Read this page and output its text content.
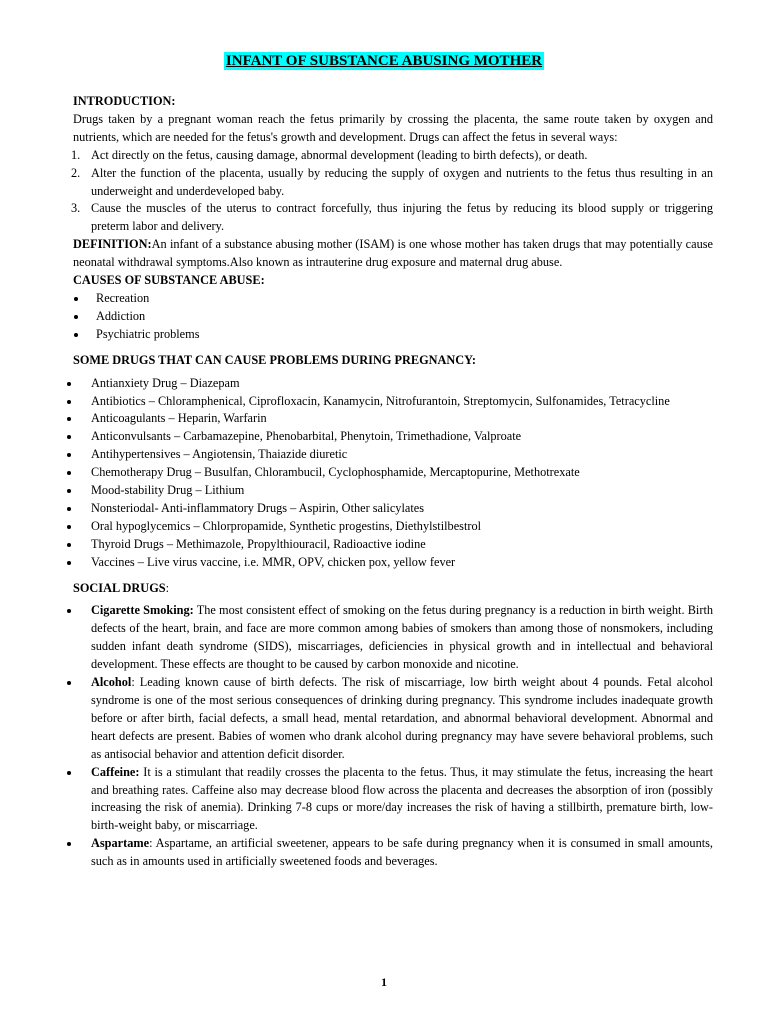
INFANT OF SUBSTANCE ABUSING MOTHER

INTRODUCTION:

Drugs taken by a pregnant woman reach the fetus primarily by crossing the placenta, the same route taken by oxygen and nutrients, which are needed for the fetus's growth and development. Drugs can affect the fetus in several ways:

1. Act directly on the fetus, causing damage, abnormal development (leading to birth defects), or death.
2. Alter the function of the placenta, usually by reducing the supply of oxygen and nutrients to the fetus thus resulting in an underweight and underdeveloped baby.
3. Cause the muscles of the uterus to contract forcefully, thus injuring the fetus by reducing its blood supply or triggering preterm labor and delivery.

DEFINITION:An infant of a substance abusing mother (ISAM) is one whose mother has taken drugs that may potentially cause neonatal withdrawal symptoms.Also known as intrauterine drug exposure and maternal drug abuse.

CAUSES OF SUBSTANCE ABUSE:

Recreation
Addiction
Psychiatric problems

SOME DRUGS THAT CAN CAUSE PROBLEMS DURING PREGNANCY:

Antianxiety Drug – Diazepam
Antibiotics – Chloramphenical, Ciprofloxacin, Kanamycin, Nitrofurantoin, Streptomycin, Sulfonamides, Tetracycline
Anticoagulants – Heparin, Warfarin
Anticonvulsants – Carbamazepine, Phenobarbital, Phenytoin, Trimethadione, Valproate
Antihypertensives – Angiotensin, Thaiazide diuretic
Chemotherapy Drug – Busulfan, Chlorambucil, Cyclophosphamide, Mercaptopurine, Methotrexate
Mood-stability Drug – Lithium
Nonsteriodal- Anti-inflammatory Drugs – Aspirin, Other salicylates
Oral hypoglycemics – Chlorpropamide, Synthetic progestins, Diethylstilbestrol
Thyroid Drugs – Methimazole, Propylthiouracil, Radioactive iodine
Vaccines – Live virus vaccine, i.e. MMR, OPV, chicken pox, yellow fever

SOCIAL DRUGS:

Cigarette Smoking: The most consistent effect of smoking on the fetus during pregnancy is a reduction in birth weight. Birth defects of the heart, brain, and face are more common among babies of smokers than among those of nonsmokers, including sudden infant death syndrome (SIDS), miscarriages, deficiencies in physical growth and in intellectual and behavioral development. These effects are thought to be caused by carbon monoxide and nicotine.
Alcohol: Leading known cause of birth defects. The risk of miscarriage, low birth weight about 4 pounds. Fetal alcohol syndrome is one of the most serious consequences of drinking during pregnancy. This syndrome includes inadequate growth before or after birth, facial defects, a small head, mental retardation, and abnormal behavioral development. Abnormal and heart defects are present. Babies of women who drank alcohol during pregnancy may have severe behavioral problems, such as antisocial behavior and attention deficit disorder.
Caffeine: It is a stimulant that readily crosses the placenta to the fetus. Thus, it may stimulate the fetus, increasing the heart and breathing rates. Caffeine also may decrease blood flow across the placenta and decreases the absorption of iron (possibly increasing the risk of anemia). Drinking 7-8 cups or more/day increases the risk of having a stillbirth, premature birth, low-birth-weight baby, or miscarriage.
Aspartame: Aspartame, an artificial sweetener, appears to be safe during pregnancy when it is consumed in small amounts, such as in amounts used in artificially sweetened foods and beverages.
1
